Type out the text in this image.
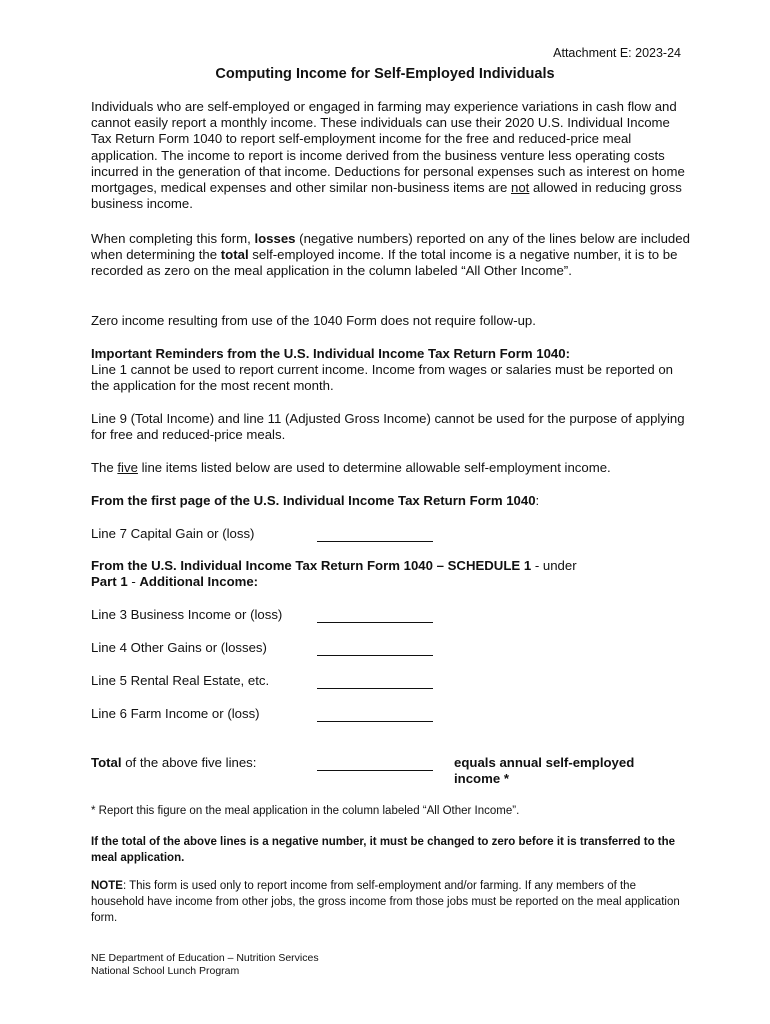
Attachment E: 2023-24
Computing Income for Self-Employed Individuals
Individuals who are self-employed or engaged in farming may experience variations in cash flow and cannot easily report a monthly income. These individuals can use their 2020 U.S. Individual Income Tax Return Form 1040 to report self-employment income for the free and reduced-price meal application. The income to report is income derived from the business venture less operating costs incurred in the generation of that income. Deductions for personal expenses such as interest on home mortgages, medical expenses and other similar non-business items are not allowed in reducing gross business income.
When completing this form, losses (negative numbers) reported on any of the lines below are included when determining the total self-employed income. If the total income is a negative number, it is to be recorded as zero on the meal application in the column labeled “All Other Income”.
Zero income resulting from use of the 1040 Form does not require follow-up.
Important Reminders from the U.S. Individual Income Tax Return Form 1040:
Line 1 cannot be used to report current income. Income from wages or salaries must be reported on the application for the most recent month.
Line 9 (Total Income) and line 11 (Adjusted Gross Income) cannot be used for the purpose of applying for free and reduced-price meals.
The five line items listed below are used to determine allowable self-employment income.
From the first page of the U.S. Individual Income Tax Return Form 1040:
Line 7 Capital Gain or (loss)
From the U.S. Individual Income Tax Return Form 1040 – SCHEDULE 1 - under
Part 1 - Additional Income:
Line 3 Business Income or (loss)
Line 4 Other Gains or (losses)
Line 5 Rental Real Estate, etc.
Line 6 Farm Income or (loss)
Total of the above five lines:	equals annual self-employed
income *
* Report this figure on the meal application in the column labeled “All Other Income”.
If the total of the above lines is a negative number, it must be changed to zero before it is transferred to the meal application.
NOTE: This form is used only to report income from self-employment and/or farming. If any members of the household have income from other jobs, the gross income from those jobs must be reported on the meal application form.
NE Department of Education – Nutrition Services
National School Lunch Program
